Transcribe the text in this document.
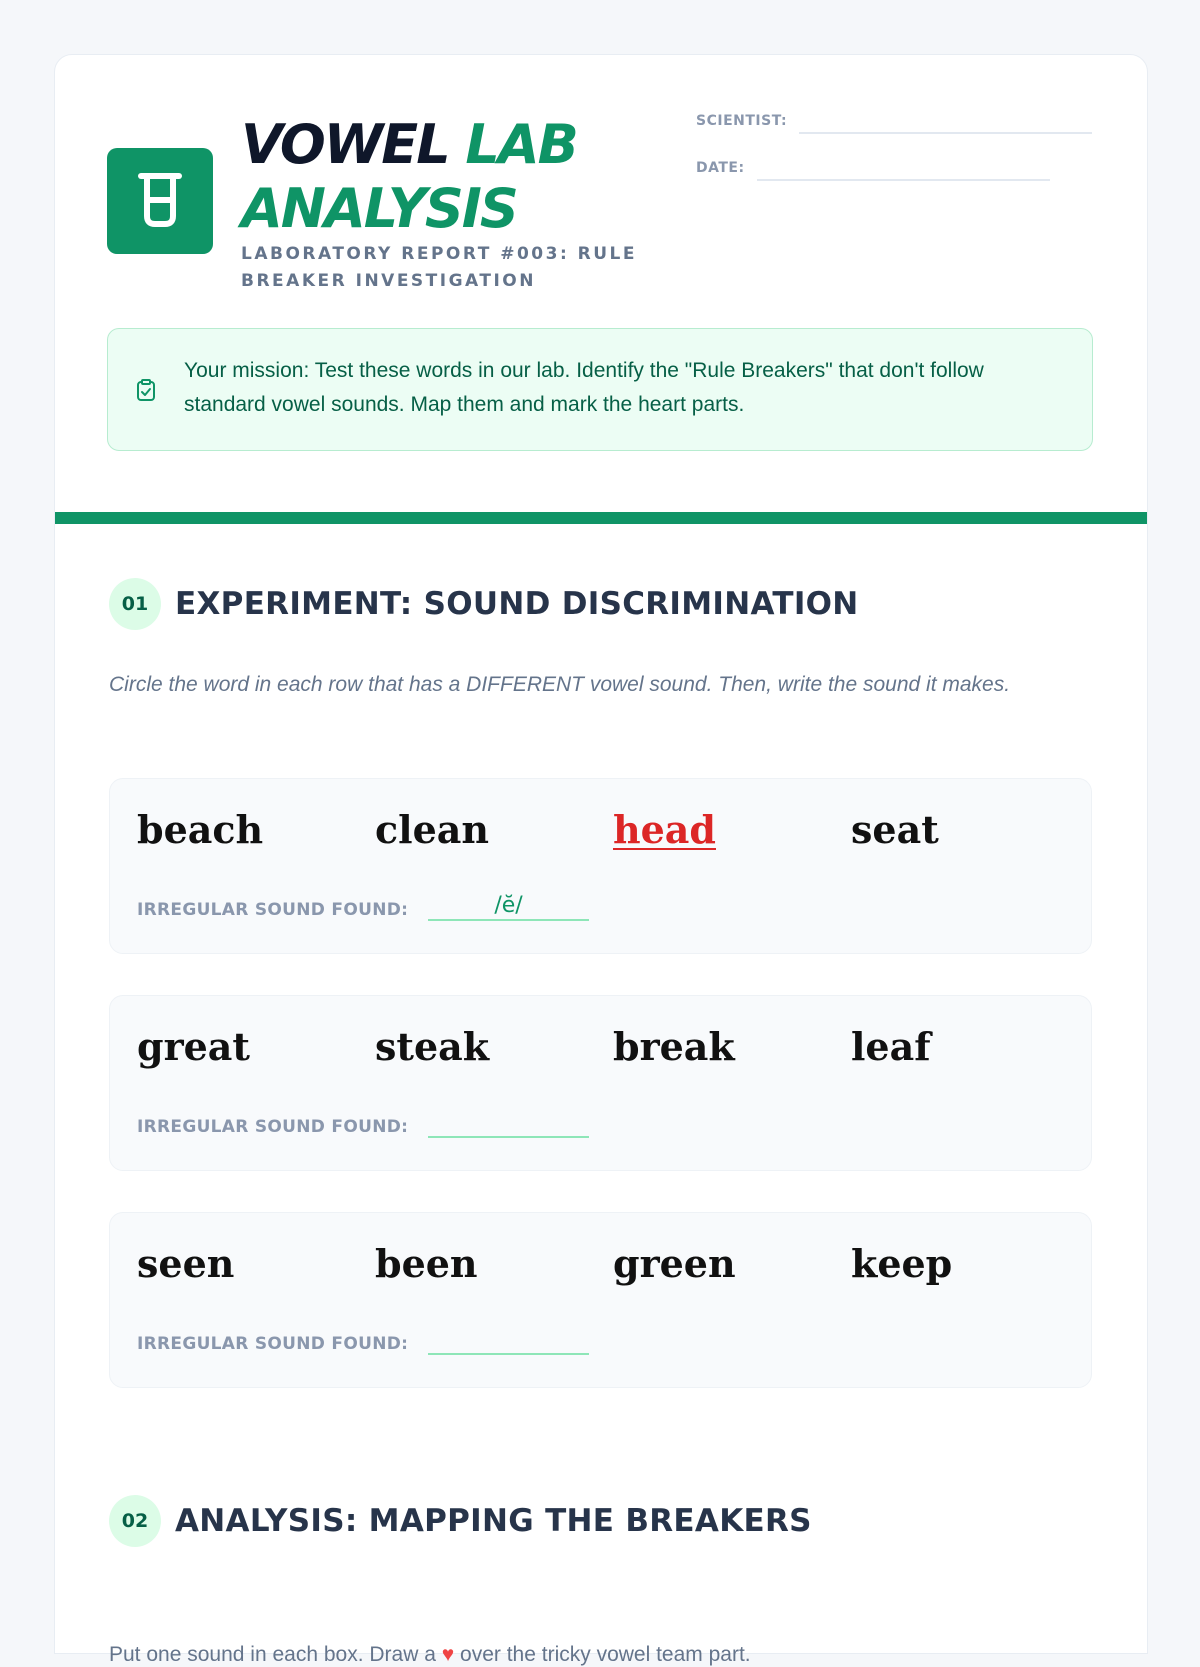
VOWEL LAB
ANALYSIS
LABORATORY REPORT #003: RULE BREAKER INVESTIGATION
SCIENTIST:
DATE:
Your mission: Test these words in our lab. Identify the "Rule Breakers" that don't follow standard vowel sounds. Map them and mark the heart parts.
01 EXPERIMENT: SOUND DISCRIMINATION
Circle the word in each row that has a DIFFERENT vowel sound. Then, write the sound it makes.
beach	clean	head	seat
IRREGULAR SOUND FOUND:	/ĕ/
great	steak	break	leaf
IRREGULAR SOUND FOUND:
seen	been	green	keep
IRREGULAR SOUND FOUND:
02 ANALYSIS: MAPPING THE BREAKERS
Put one sound in each box. Draw a ♥ over the tricky vowel team part.
